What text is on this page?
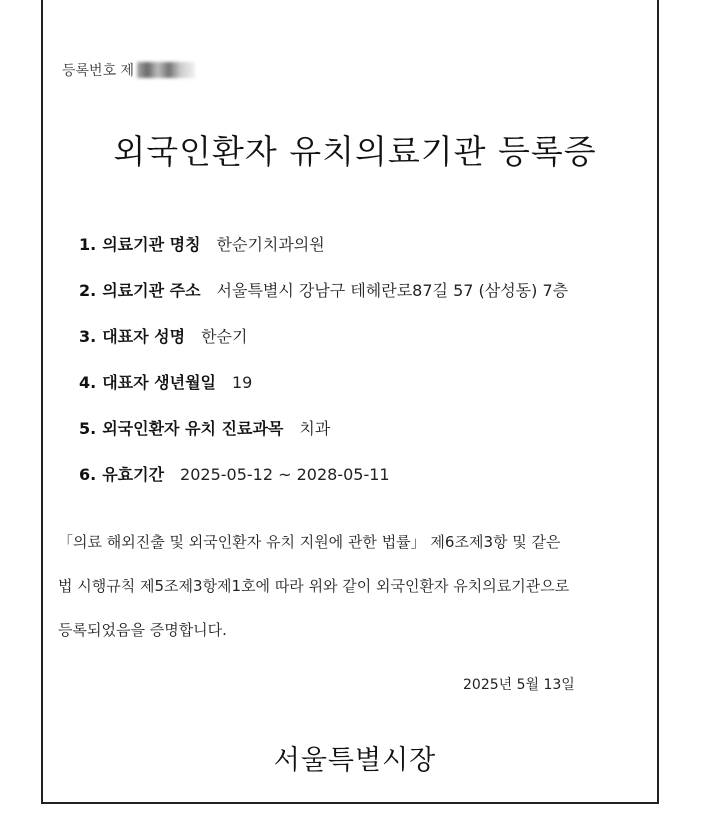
등록번호 제
외국인환자 유치의료기관 등록증
1. 의료기관 명칭 한순기치과의원
2. 의료기관 주소 서울특별시 강남구 테헤란로87길 57 (삼성동) 7층
3. 대표자 성명 한순기
4. 대표자 생년월일 19
5. 외국인환자 유치 진료과목 치과
6. 유효기간 2025-05-12 ~ 2028-05-11
「의료 해외진출 및 외국인환자 유치 지원에 관한 법률」 제6조제3항 및 같은
법 시행규칙 제5조제3항제1호에 따라 위와 같이 외국인환자 유치의료기관으로
등록되었음을 증명합니다.
2025년 5월 13일
서울특별시장
